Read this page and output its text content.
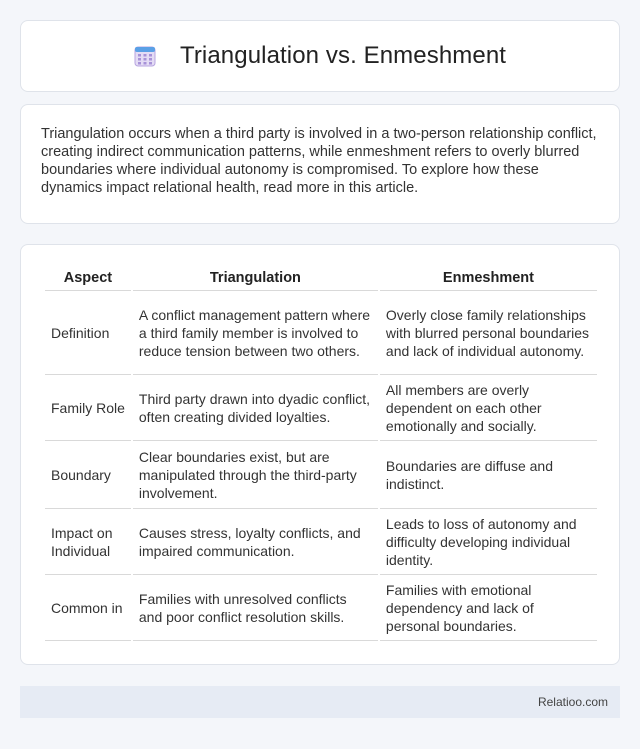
Triangulation vs. Enmeshment

Triangulation occurs when a third party is involved in a two-person relationship conflict, creating indirect communication patterns, while enmeshment refers to overly blurred boundaries where individual autonomy is compromised. To explore how these dynamics impact relational health, read more in this article.

Aspect	Triangulation	Enmeshment
Definition	A conflict management pattern where a third family member is involved to reduce tension between two others.	Overly close family relationships with blurred personal boundaries and lack of individual autonomy.
Family Role	Third party drawn into dyadic conflict, often creating divided loyalties.	All members are overly dependent on each other emotionally and socially.
Boundary	Clear boundaries exist, but are manipulated through the third-party involvement.	Boundaries are diffuse and indistinct.
Impact on Individual	Causes stress, loyalty conflicts, and impaired communication.	Leads to loss of autonomy and difficulty developing individual identity.
Common in	Families with unresolved conflicts and poor conflict resolution skills.	Families with emotional dependency and lack of personal boundaries.
Relatioo.com
